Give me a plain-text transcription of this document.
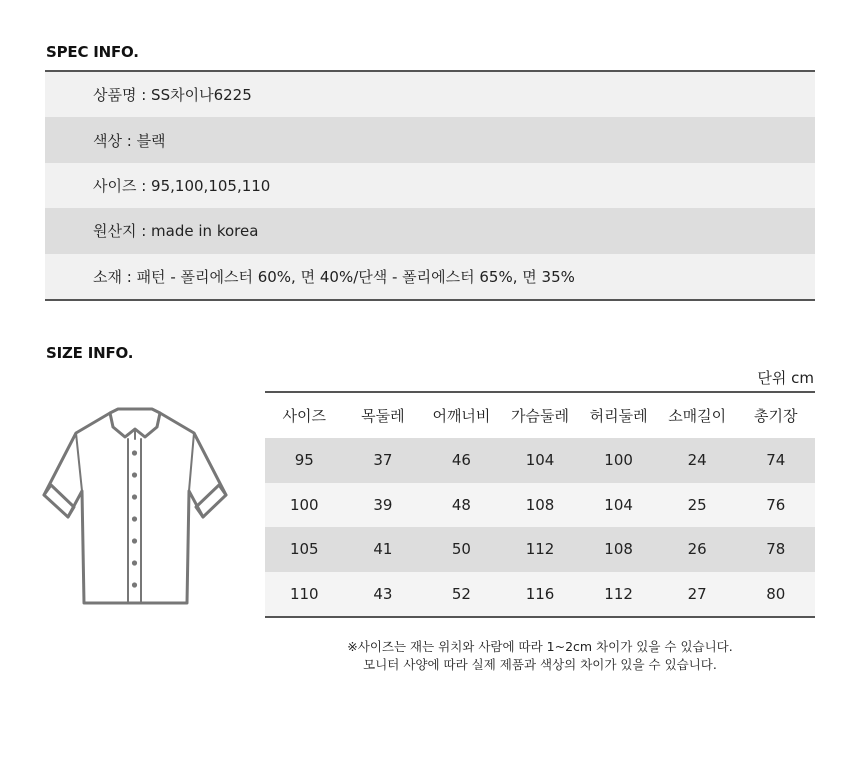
SPEC INFO.
상품명 : SS차이나6225
색상 : 블랙
사이즈 : 95,100,105,110
원산지 : made in korea
소재 : 패턴 - 폴리에스터 60%, 면 40%/단색 - 폴리에스터 65%, 면 35%
SIZE INFO.
단위 cm
사이즈	목둘레	어깨너비	가슴둘레	허리둘레	소매길이	총기장
95	37	46	104	100	24	74
100	39	48	108	104	25	76
105	41	50	112	108	26	78
110	43	52	116	112	27	80
※사이즈는 재는 위치와 사람에 따라 1~2cm 차이가 있을 수 있습니다.
모니터 사양에 따라 실제 제품과 색상의 차이가 있을 수 있습니다.
